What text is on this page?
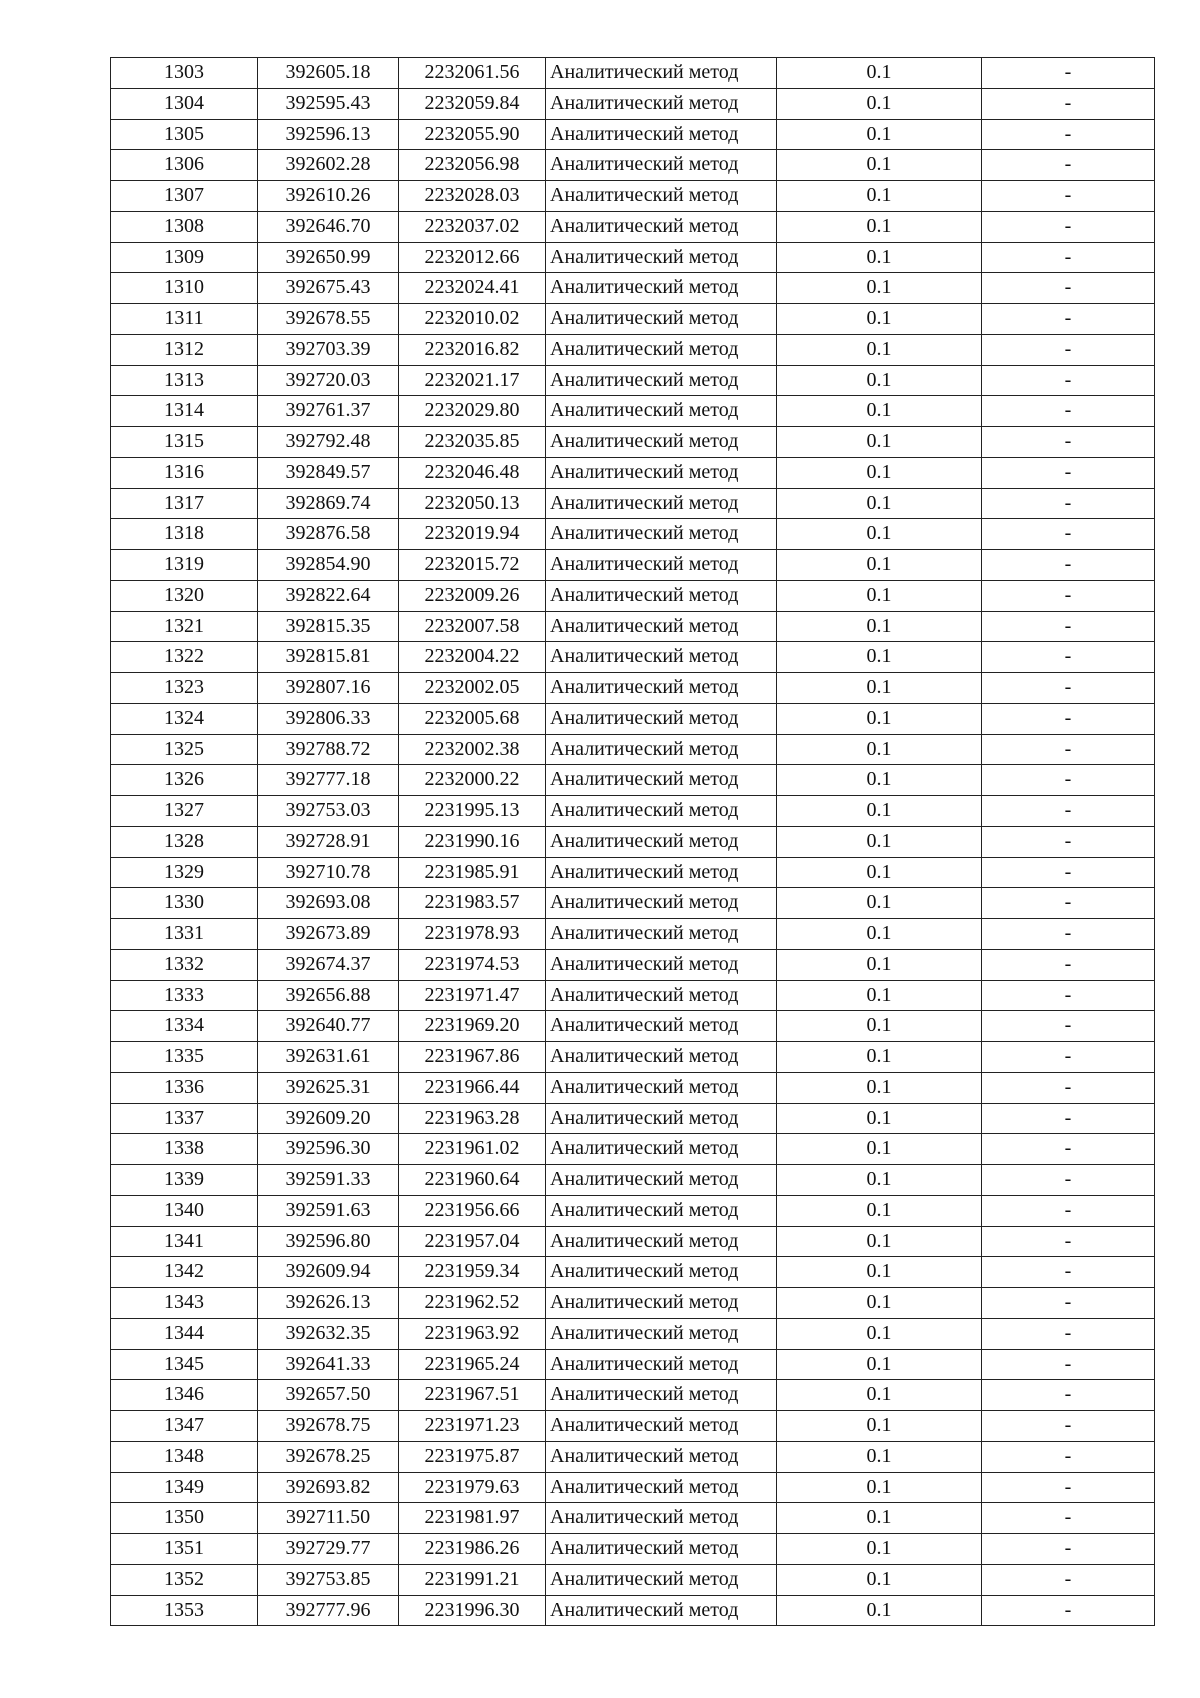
1303	392605.18	2232061.56	Аналитический метод	0.1	-
1304	392595.43	2232059.84	Аналитический метод	0.1	-
1305	392596.13	2232055.90	Аналитический метод	0.1	-
1306	392602.28	2232056.98	Аналитический метод	0.1	-
1307	392610.26	2232028.03	Аналитический метод	0.1	-
1308	392646.70	2232037.02	Аналитический метод	0.1	-
1309	392650.99	2232012.66	Аналитический метод	0.1	-
1310	392675.43	2232024.41	Аналитический метод	0.1	-
1311	392678.55	2232010.02	Аналитический метод	0.1	-
1312	392703.39	2232016.82	Аналитический метод	0.1	-
1313	392720.03	2232021.17	Аналитический метод	0.1	-
1314	392761.37	2232029.80	Аналитический метод	0.1	-
1315	392792.48	2232035.85	Аналитический метод	0.1	-
1316	392849.57	2232046.48	Аналитический метод	0.1	-
1317	392869.74	2232050.13	Аналитический метод	0.1	-
1318	392876.58	2232019.94	Аналитический метод	0.1	-
1319	392854.90	2232015.72	Аналитический метод	0.1	-
1320	392822.64	2232009.26	Аналитический метод	0.1	-
1321	392815.35	2232007.58	Аналитический метод	0.1	-
1322	392815.81	2232004.22	Аналитический метод	0.1	-
1323	392807.16	2232002.05	Аналитический метод	0.1	-
1324	392806.33	2232005.68	Аналитический метод	0.1	-
1325	392788.72	2232002.38	Аналитический метод	0.1	-
1326	392777.18	2232000.22	Аналитический метод	0.1	-
1327	392753.03	2231995.13	Аналитический метод	0.1	-
1328	392728.91	2231990.16	Аналитический метод	0.1	-
1329	392710.78	2231985.91	Аналитический метод	0.1	-
1330	392693.08	2231983.57	Аналитический метод	0.1	-
1331	392673.89	2231978.93	Аналитический метод	0.1	-
1332	392674.37	2231974.53	Аналитический метод	0.1	-
1333	392656.88	2231971.47	Аналитический метод	0.1	-
1334	392640.77	2231969.20	Аналитический метод	0.1	-
1335	392631.61	2231967.86	Аналитический метод	0.1	-
1336	392625.31	2231966.44	Аналитический метод	0.1	-
1337	392609.20	2231963.28	Аналитический метод	0.1	-
1338	392596.30	2231961.02	Аналитический метод	0.1	-
1339	392591.33	2231960.64	Аналитический метод	0.1	-
1340	392591.63	2231956.66	Аналитический метод	0.1	-
1341	392596.80	2231957.04	Аналитический метод	0.1	-
1342	392609.94	2231959.34	Аналитический метод	0.1	-
1343	392626.13	2231962.52	Аналитический метод	0.1	-
1344	392632.35	2231963.92	Аналитический метод	0.1	-
1345	392641.33	2231965.24	Аналитический метод	0.1	-
1346	392657.50	2231967.51	Аналитический метод	0.1	-
1347	392678.75	2231971.23	Аналитический метод	0.1	-
1348	392678.25	2231975.87	Аналитический метод	0.1	-
1349	392693.82	2231979.63	Аналитический метод	0.1	-
1350	392711.50	2231981.97	Аналитический метод	0.1	-
1351	392729.77	2231986.26	Аналитический метод	0.1	-
1352	392753.85	2231991.21	Аналитический метод	0.1	-
1353	392777.96	2231996.30	Аналитический метод	0.1	-
